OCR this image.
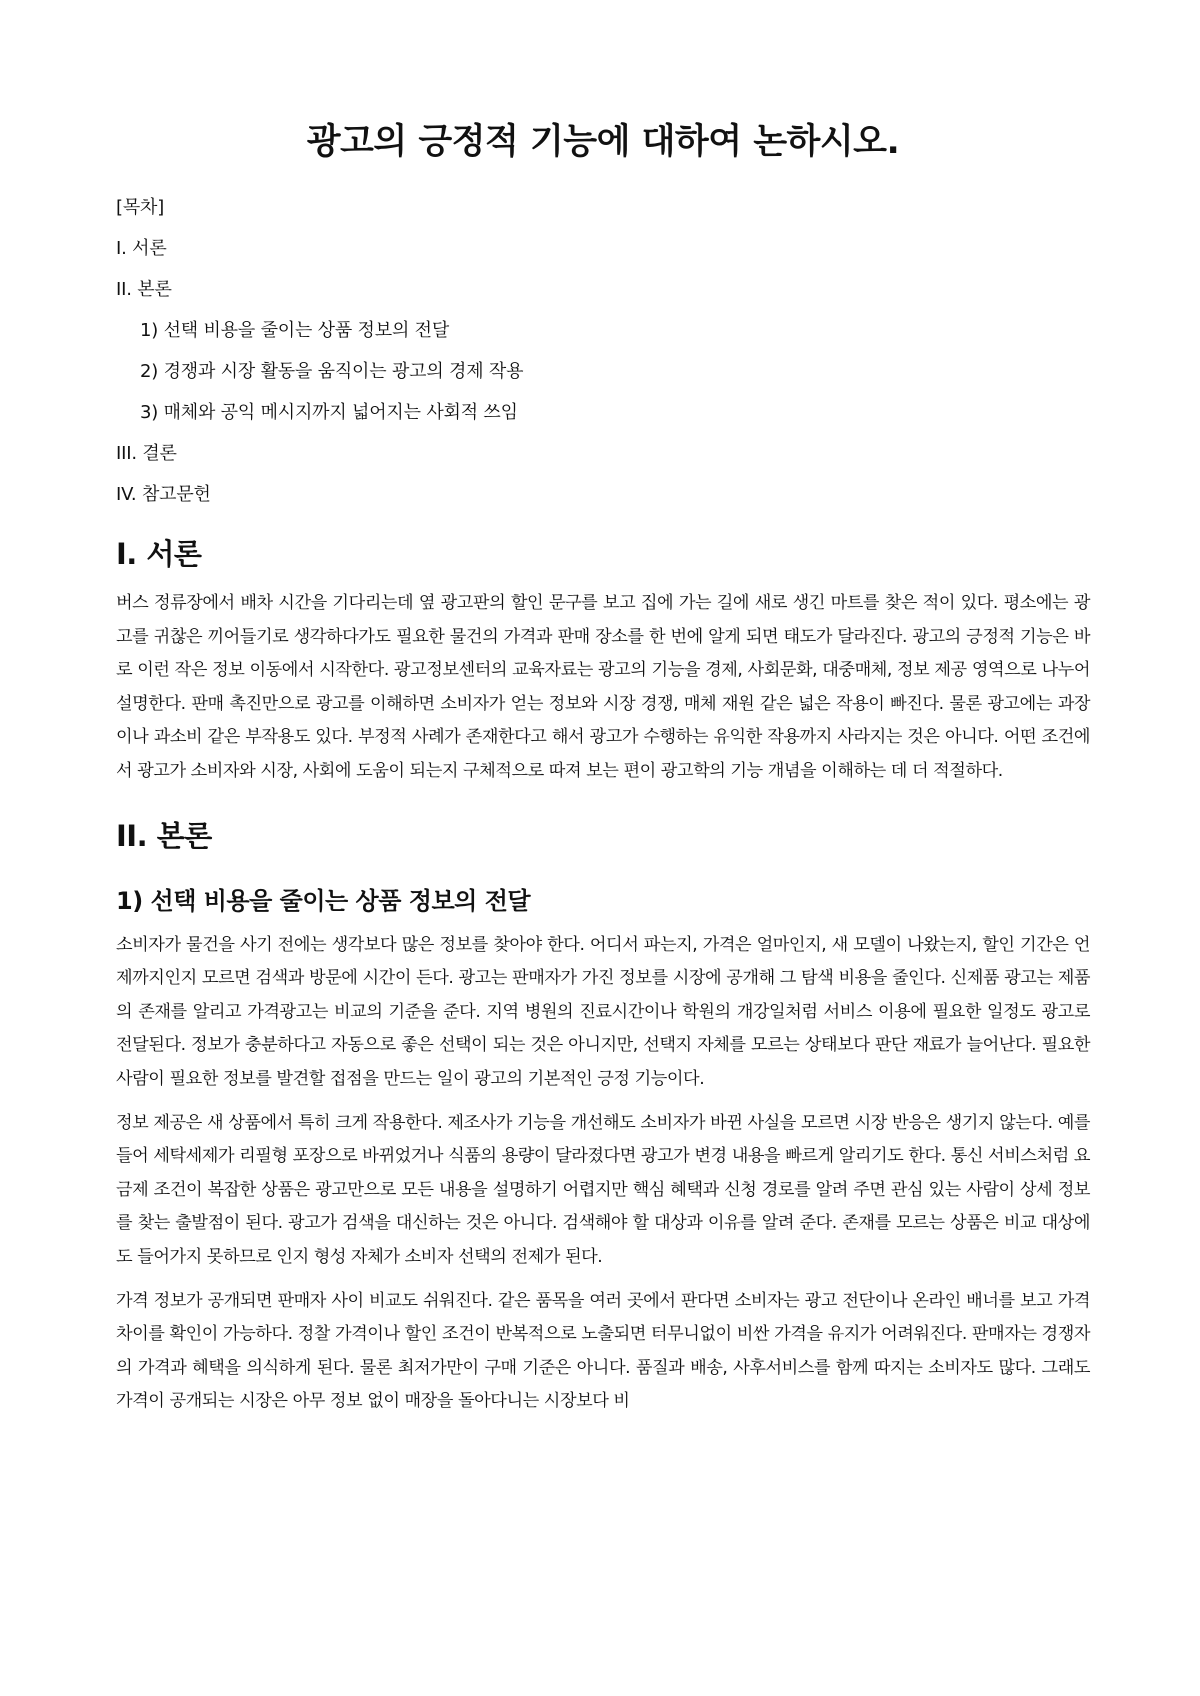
광고의 긍정적 기능에 대하여 논하시오.
[목차]
I. 서론
II. 본론
1) 선택 비용을 줄이는 상품 정보의 전달
2) 경쟁과 시장 활동을 움직이는 광고의 경제 작용
3) 매체와 공익 메시지까지 넓어지는 사회적 쓰임
III. 결론
IV. 참고문헌
I. 서론

버스 정류장에서 배차 시간을 기다리는데 옆 광고판의 할인 문구를 보고 집에 가는 길에 새로 생긴 마트를 찾은 적이 있다. 평소에는 광고를 귀찮은 끼어들기로 생각하다가도 필요한 물건의 가격과 판매 장소를 한 번에 알게 되면 태도가 달라진다. 광고의 긍정적 기능은 바로 이런 작은 정보 이동에서 시작한다. 광고정보센터의 교육자료는 광고의 기능을 경제, 사회문화, 대중매체, 정보 제공 영역으로 나누어 설명한다. 판매 촉진만으로 광고를 이해하면 소비자가 얻는 정보와 시장 경쟁, 매체 재원 같은 넓은 작용이 빠진다. 물론 광고에는 과장이나 과소비 같은 부작용도 있다. 부정적 사례가 존재한다고 해서 광고가 수행하는 유익한 작용까지 사라지는 것은 아니다. 어떤 조건에서 광고가 소비자와 시장, 사회에 도움이 되는지 구체적으로 따져 보는 편이 광고학의 기능 개념을 이해하는 데 더 적절하다.

II. 본론
1) 선택 비용을 줄이는 상품 정보의 전달

소비자가 물건을 사기 전에는 생각보다 많은 정보를 찾아야 한다. 어디서 파는지, 가격은 얼마인지, 새 모델이 나왔는지, 할인 기간은 언제까지인지 모르면 검색과 방문에 시간이 든다. 광고는 판매자가 가진 정보를 시장에 공개해 그 탐색 비용을 줄인다. 신제품 광고는 제품의 존재를 알리고 가격광고는 비교의 기준을 준다. 지역 병원의 진료시간이나 학원의 개강일처럼 서비스 이용에 필요한 일정도 광고로 전달된다. 정보가 충분하다고 자동으로 좋은 선택이 되는 것은 아니지만, 선택지 자체를 모르는 상태보다 판단 재료가 늘어난다. 필요한 사람이 필요한 정보를 발견할 접점을 만드는 일이 광고의 기본적인 긍정 기능이다.

정보 제공은 새 상품에서 특히 크게 작용한다. 제조사가 기능을 개선해도 소비자가 바뀐 사실을 모르면 시장 반응은 생기지 않는다. 예를 들어 세탁세제가 리필형 포장으로 바뀌었거나 식품의 용량이 달라졌다면 광고가 변경 내용을 빠르게 알리기도 한다. 통신 서비스처럼 요금제 조건이 복잡한 상품은 광고만으로 모든 내용을 설명하기 어렵지만 핵심 혜택과 신청 경로를 알려 주면 관심 있는 사람이 상세 정보를 찾는 출발점이 된다. 광고가 검색을 대신하는 것은 아니다. 검색해야 할 대상과 이유를 알려 준다. 존재를 모르는 상품은 비교 대상에도 들어가지 못하므로 인지 형성 자체가 소비자 선택의 전제가 된다.

가격 정보가 공개되면 판매자 사이 비교도 쉬워진다. 같은 품목을 여러 곳에서 판다면 소비자는 광고 전단이나 온라인 배너를 보고 가격 차이를 확인이 가능하다. 정찰 가격이나 할인 조건이 반복적으로 노출되면 터무니없이 비싼 가격을 유지가 어려워진다. 판매자는 경쟁자의 가격과 혜택을 의식하게 된다. 물론 최저가만이 구매 기준은 아니다. 품질과 배송, 사후서비스를 함께 따지는 소비자도 많다. 그래도 가격이 공개되는 시장은 아무 정보 없이 매장을 돌아다니는 시장보다 비
